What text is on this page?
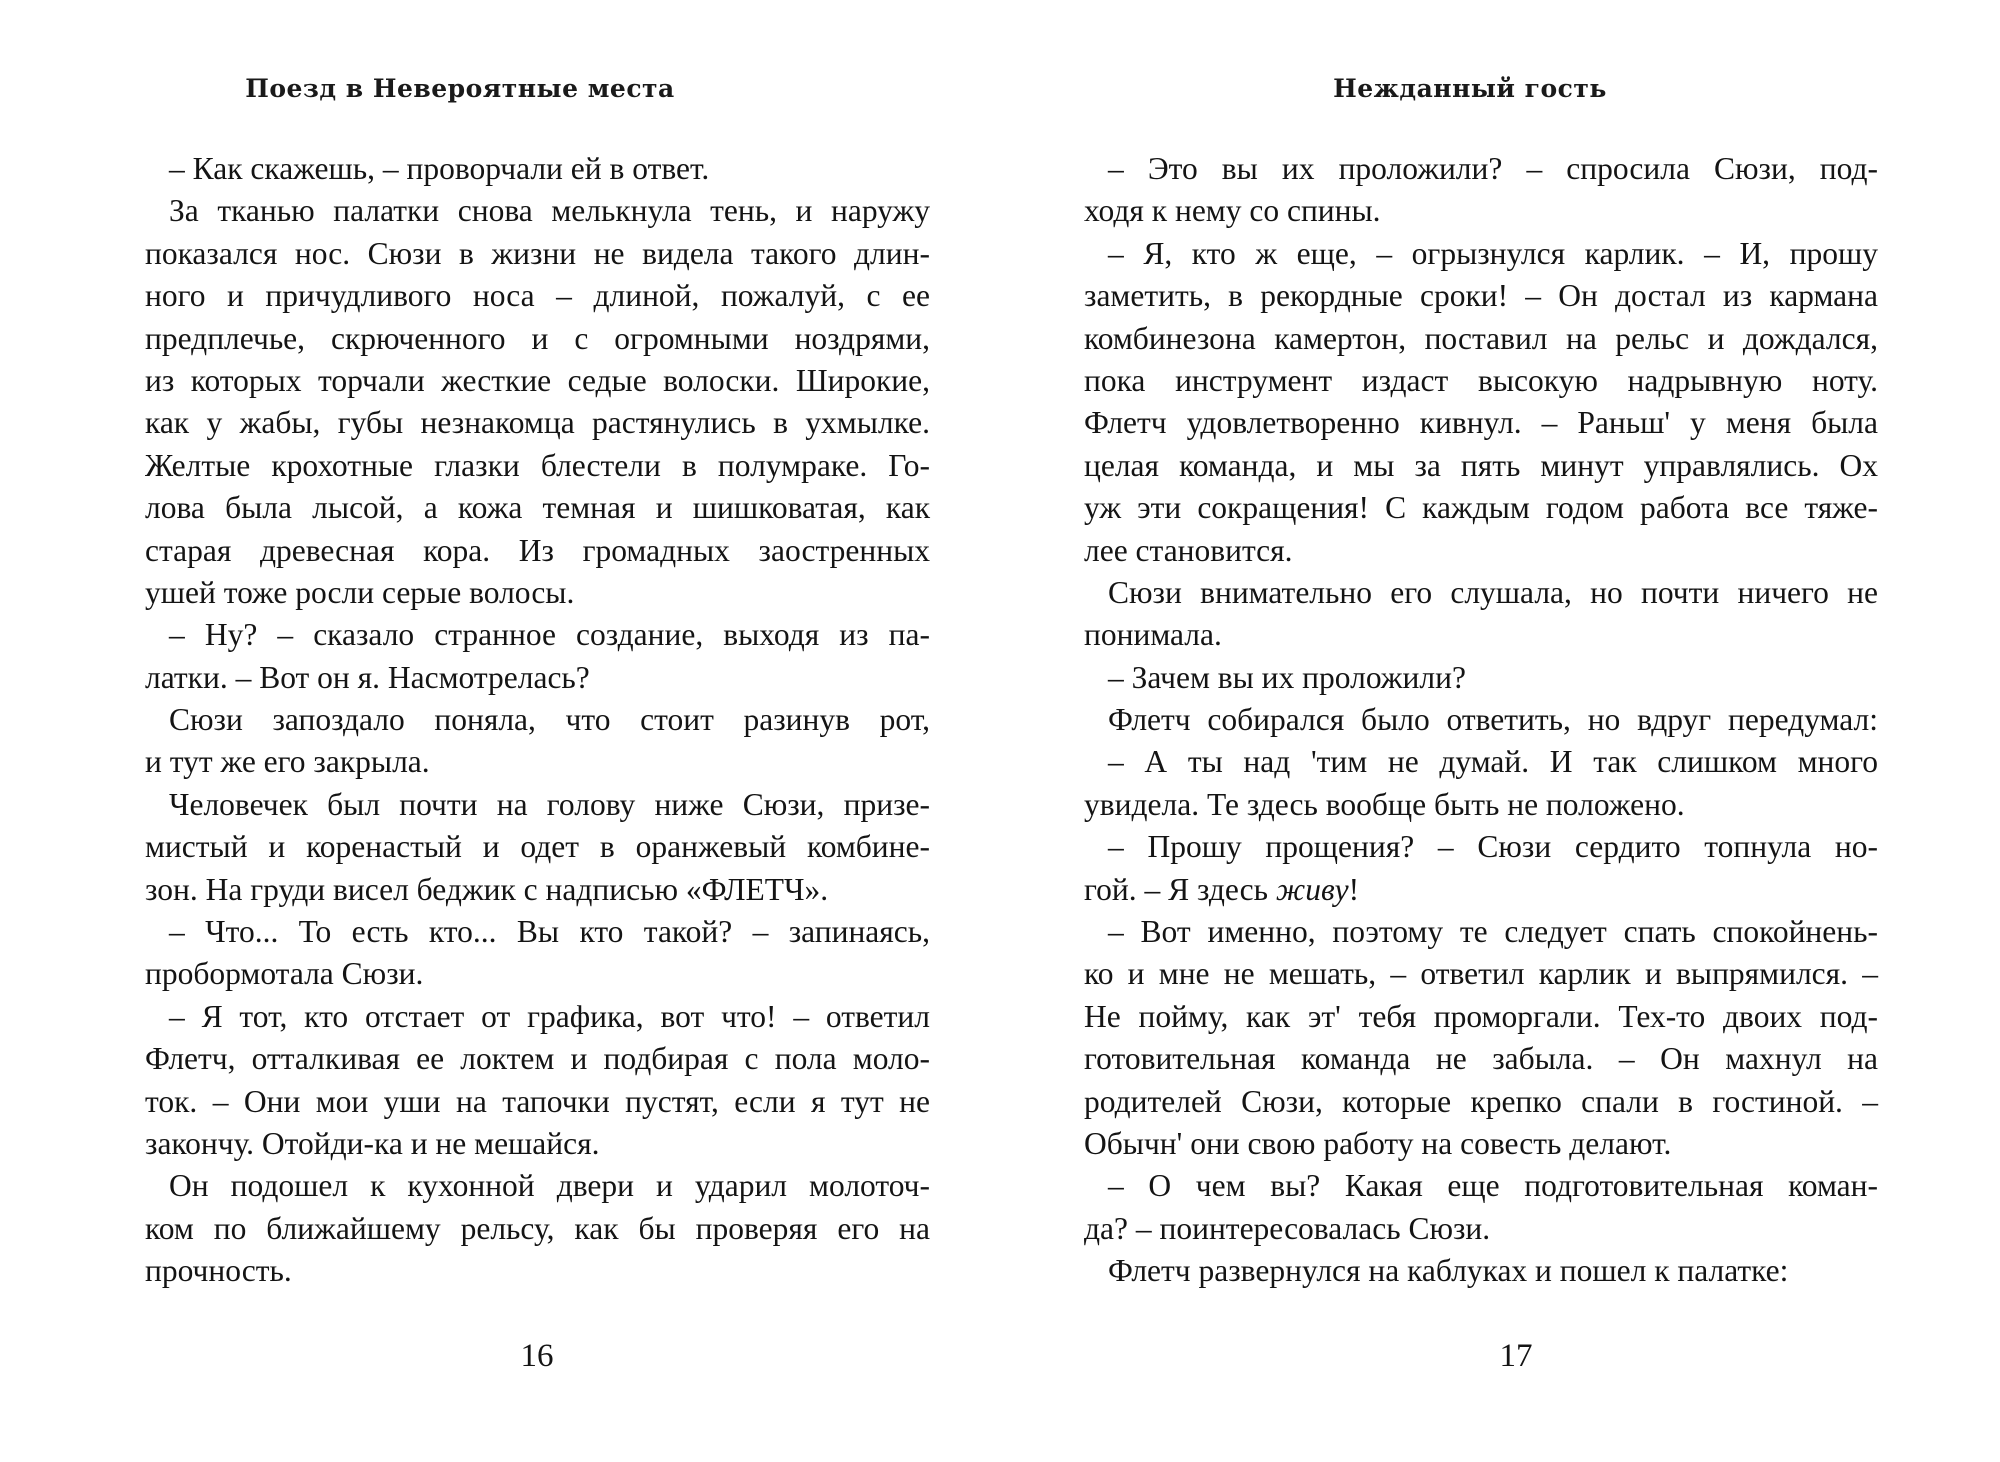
Поезд в Невероятные места
– Как скажешь, – проворчали ей в ответ.
За тканью палатки снова мелькнула тень, и наружу
показался нос. Сюзи в жизни не видела такого длин-
ного и причудливого носа – длиной, пожалуй, с ее
предплечье, скрюченного и с огромными ноздрями,
из которых торчали жесткие седые волоски. Широкие,
как у жабы, губы незнакомца растянулись в ухмылке.
Желтые крохотные глазки блестели в полумраке. Го-
лова была лысой, а кожа темная и шишковатая, как
старая древесная кора. Из громадных заостренных
ушей тоже росли серые волосы.
– Ну? – сказало странное создание, выходя из па-
латки. – Вот он я. Насмотрелась?
Сюзи запоздало поняла, что стоит разинув рот,
и тут же его закрыла.
Человечек был почти на голову ниже Сюзи, призе-
мистый и коренастый и одет в оранжевый комбине-
зон. На груди висел беджик с надписью «ФЛЕТЧ».
– Что... То есть кто... Вы кто такой? – запинаясь,
пробормотала Сюзи.
– Я тот, кто отстает от графика, вот что! – ответил
Флетч, отталкивая ее локтем и подбирая с пола моло-
ток. – Они мои уши на тапочки пустят, если я тут не
закончу. Отойди-ка и не мешайся.
Он подошел к кухонной двери и ударил молоточ-
ком по ближайшему рельсу, как бы проверяя его на
прочность.
16
Нежданный гость
– Это вы их проложили? – спросила Сюзи, под-
ходя к нему со спины.
– Я, кто ж еще, – огрызнулся карлик. – И, прошу
заметить, в рекордные сроки! – Он достал из кармана
комбинезона камертон, поставил на рельс и дождался,
пока инструмент издаст высокую надрывную ноту.
Флетч удовлетворенно кивнул. – Раньш' у меня была
целая команда, и мы за пять минут управлялись. Ох
уж эти сокращения! С каждым годом работа все тяже-
лее становится.
Сюзи внимательно его слушала, но почти ничего не
понимала.
– Зачем вы их проложили?
Флетч собирался было ответить, но вдруг передумал:
– А ты над 'тим не думай. И так слишком много
увидела. Те здесь вообще быть не положено.
– Прошу прощения? – Сюзи сердито топнула но-
гой. – Я здесь живу!
– Вот именно, поэтому те следует спать спокойнень-
ко и мне не мешать, – ответил карлик и выпрямился. –
Не пойму, как эт' тебя проморгали. Тех-то двоих под-
готовительная команда не забыла. – Он махнул на
родителей Сюзи, которые крепко спали в гостиной. –
Обычн' они свою работу на совесть делают.
– О чем вы? Какая еще подготовительная коман-
да? – поинтересовалась Сюзи.
Флетч развернулся на каблуках и пошел к палатке:
17
